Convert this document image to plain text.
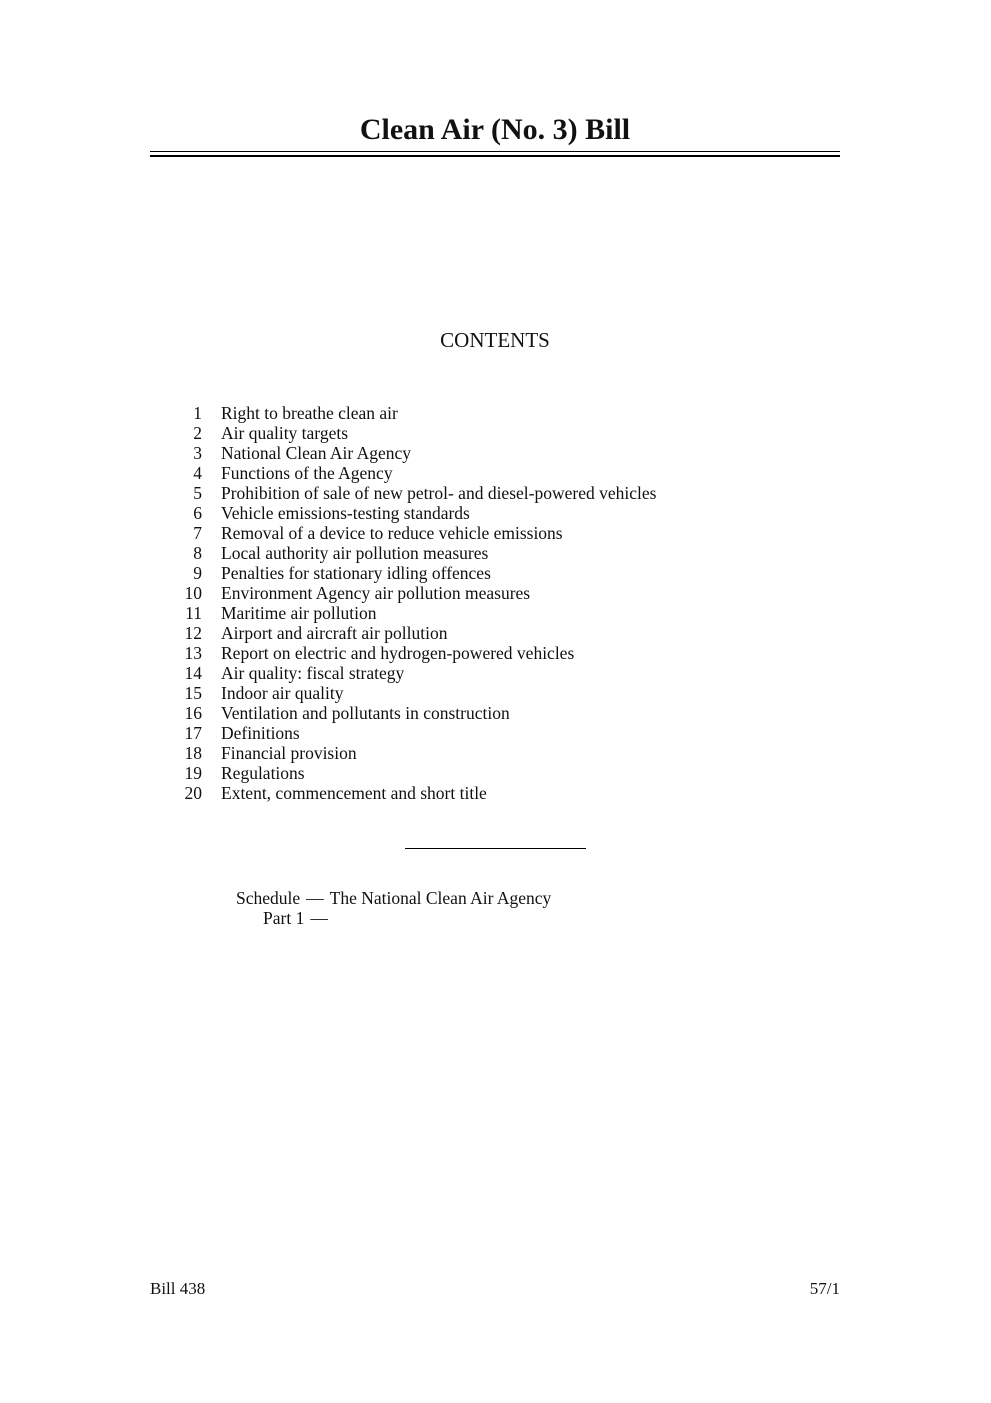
Clean Air (No. 3) Bill
CONTENTS
1 Right to breathe clean air
2 Air quality targets
3 National Clean Air Agency
4 Functions of the Agency
5 Prohibition of sale of new petrol- and diesel-powered vehicles
6 Vehicle emissions-testing standards
7 Removal of a device to reduce vehicle emissions
8 Local authority air pollution measures
9 Penalties for stationary idling offences
10 Environment Agency air pollution measures
11 Maritime air pollution
12 Airport and aircraft air pollution
13 Report on electric and hydrogen-powered vehicles
14 Air quality: fiscal strategy
15 Indoor air quality
16 Ventilation and pollutants in construction
17 Definitions
18 Financial provision
19 Regulations
20 Extent, commencement and short title
Schedule — The National Clean Air Agency
Part 1 —
Bill 438	57/1
